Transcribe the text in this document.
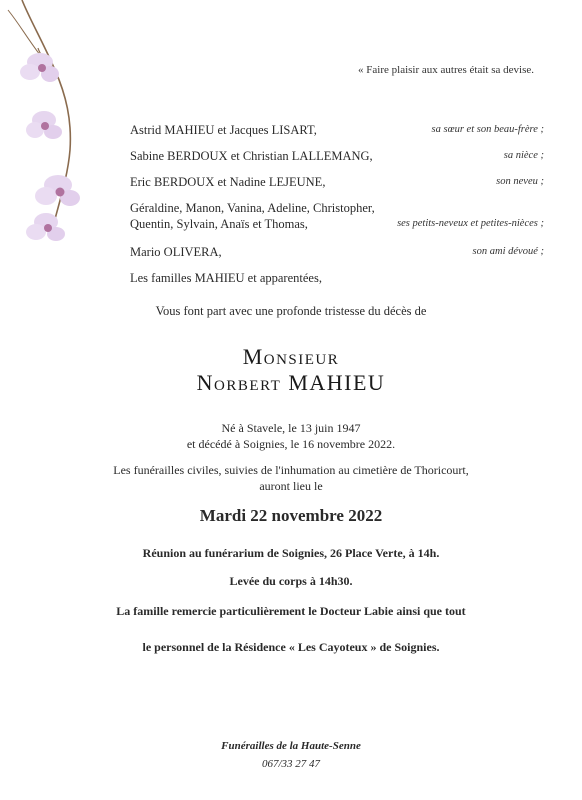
« Faire plaisir aux autres était sa devise.
Astrid MAHIEU et Jacques LISART,	sa sœur et son beau-frère ;
Sabine BERDOUX et Christian LALLEMANG,	sa nièce ;
Eric BERDOUX et Nadine LEJEUNE,	son neveu ;
Géraldine, Manon, Vanina, Adeline, Christopher,
Quentin, Sylvain, Anaïs et Thomas,	ses petits-neveux et petites-nièces ;
Mario OLIVERA,	son ami dévoué ;
Les familles MAHIEU et apparentées,
Vous font part avec une profonde tristesse du décès de
Monsieur
Norbert MAHIEU
Né à Stavele, le 13 juin 1947
et décédé à Soignies, le 16 novembre 2022.
Les funérailles civiles, suivies de l'inhumation au cimetière de Thoricourt,
auront lieu le
Mardi 22 novembre 2022
Réunion au funérarium de Soignies, 26 Place Verte, à 14h.
Levée du corps à 14h30.
La famille remercie particulièrement le Docteur Labie ainsi que tout
le personnel de la Résidence « Les Cayoteux » de Soignies.
Funérailles de la Haute-Senne
067/33 27 47
